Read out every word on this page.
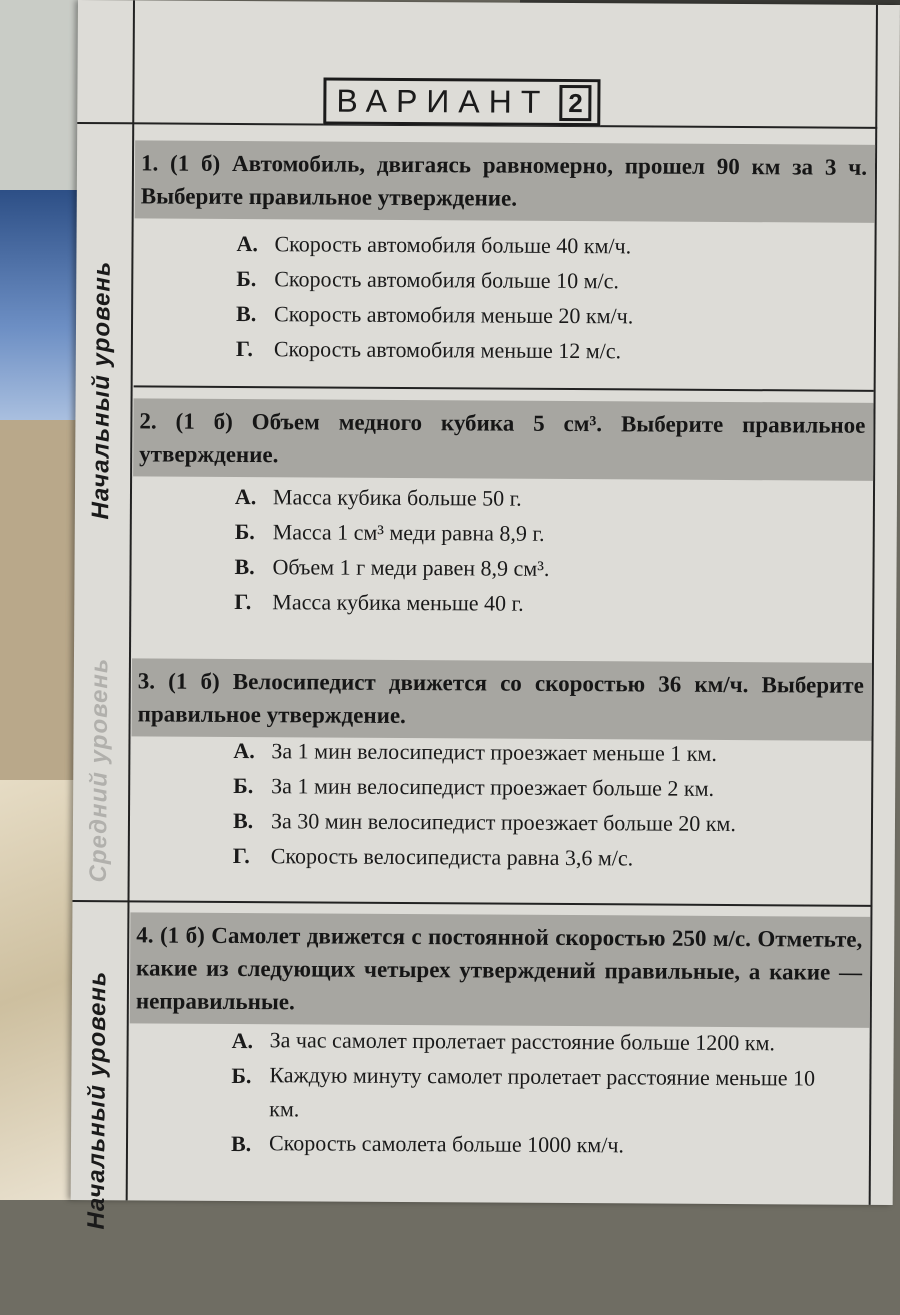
Начальный уровень
Средний уровень
Начальный уровень
ВАРИАНТ 2

1. (1 б) Автомобиль, двигаясь равномерно, прошел 90 км за 3 ч. Выберите правильное утверждение.

А. Скорость автомобиля больше 40 км/ч.
Б. Скорость автомобиля больше 10 м/с.
В. Скорость автомобиля меньше 20 км/ч.
Г. Скорость автомобиля меньше 12 м/с.

2. (1 б) Объем медного кубика 5 см³. Выберите правильное утверждение.

А. Масса кубика больше 50 г.
Б. Масса 1 см³ меди равна 8,9 г.
В. Объем 1 г меди равен 8,9 см³.
Г. Масса кубика меньше 40 г.

3. (1 б) Велосипедист движется со скоростью 36 км/ч. Выберите правильное утверждение.

А. За 1 мин велосипедист проезжает меньше 1 км.
Б. За 1 мин велосипедист проезжает больше 2 км.
В. За 30 мин велосипедист проезжает больше 20 км.
Г. Скорость велосипедиста равна 3,6 м/с.

4. (1 б) Самолет движется с постоянной скоростью 250 м/с. Отметьте, какие из следующих четырех утверждений правильные, а какие — неправильные.

А. За час самолет пролетает расстояние больше 1200 км.
Б. Каждую минуту самолет пролетает расстояние меньше 10 км.
В. Скорость самолета больше 1000 км/ч.
